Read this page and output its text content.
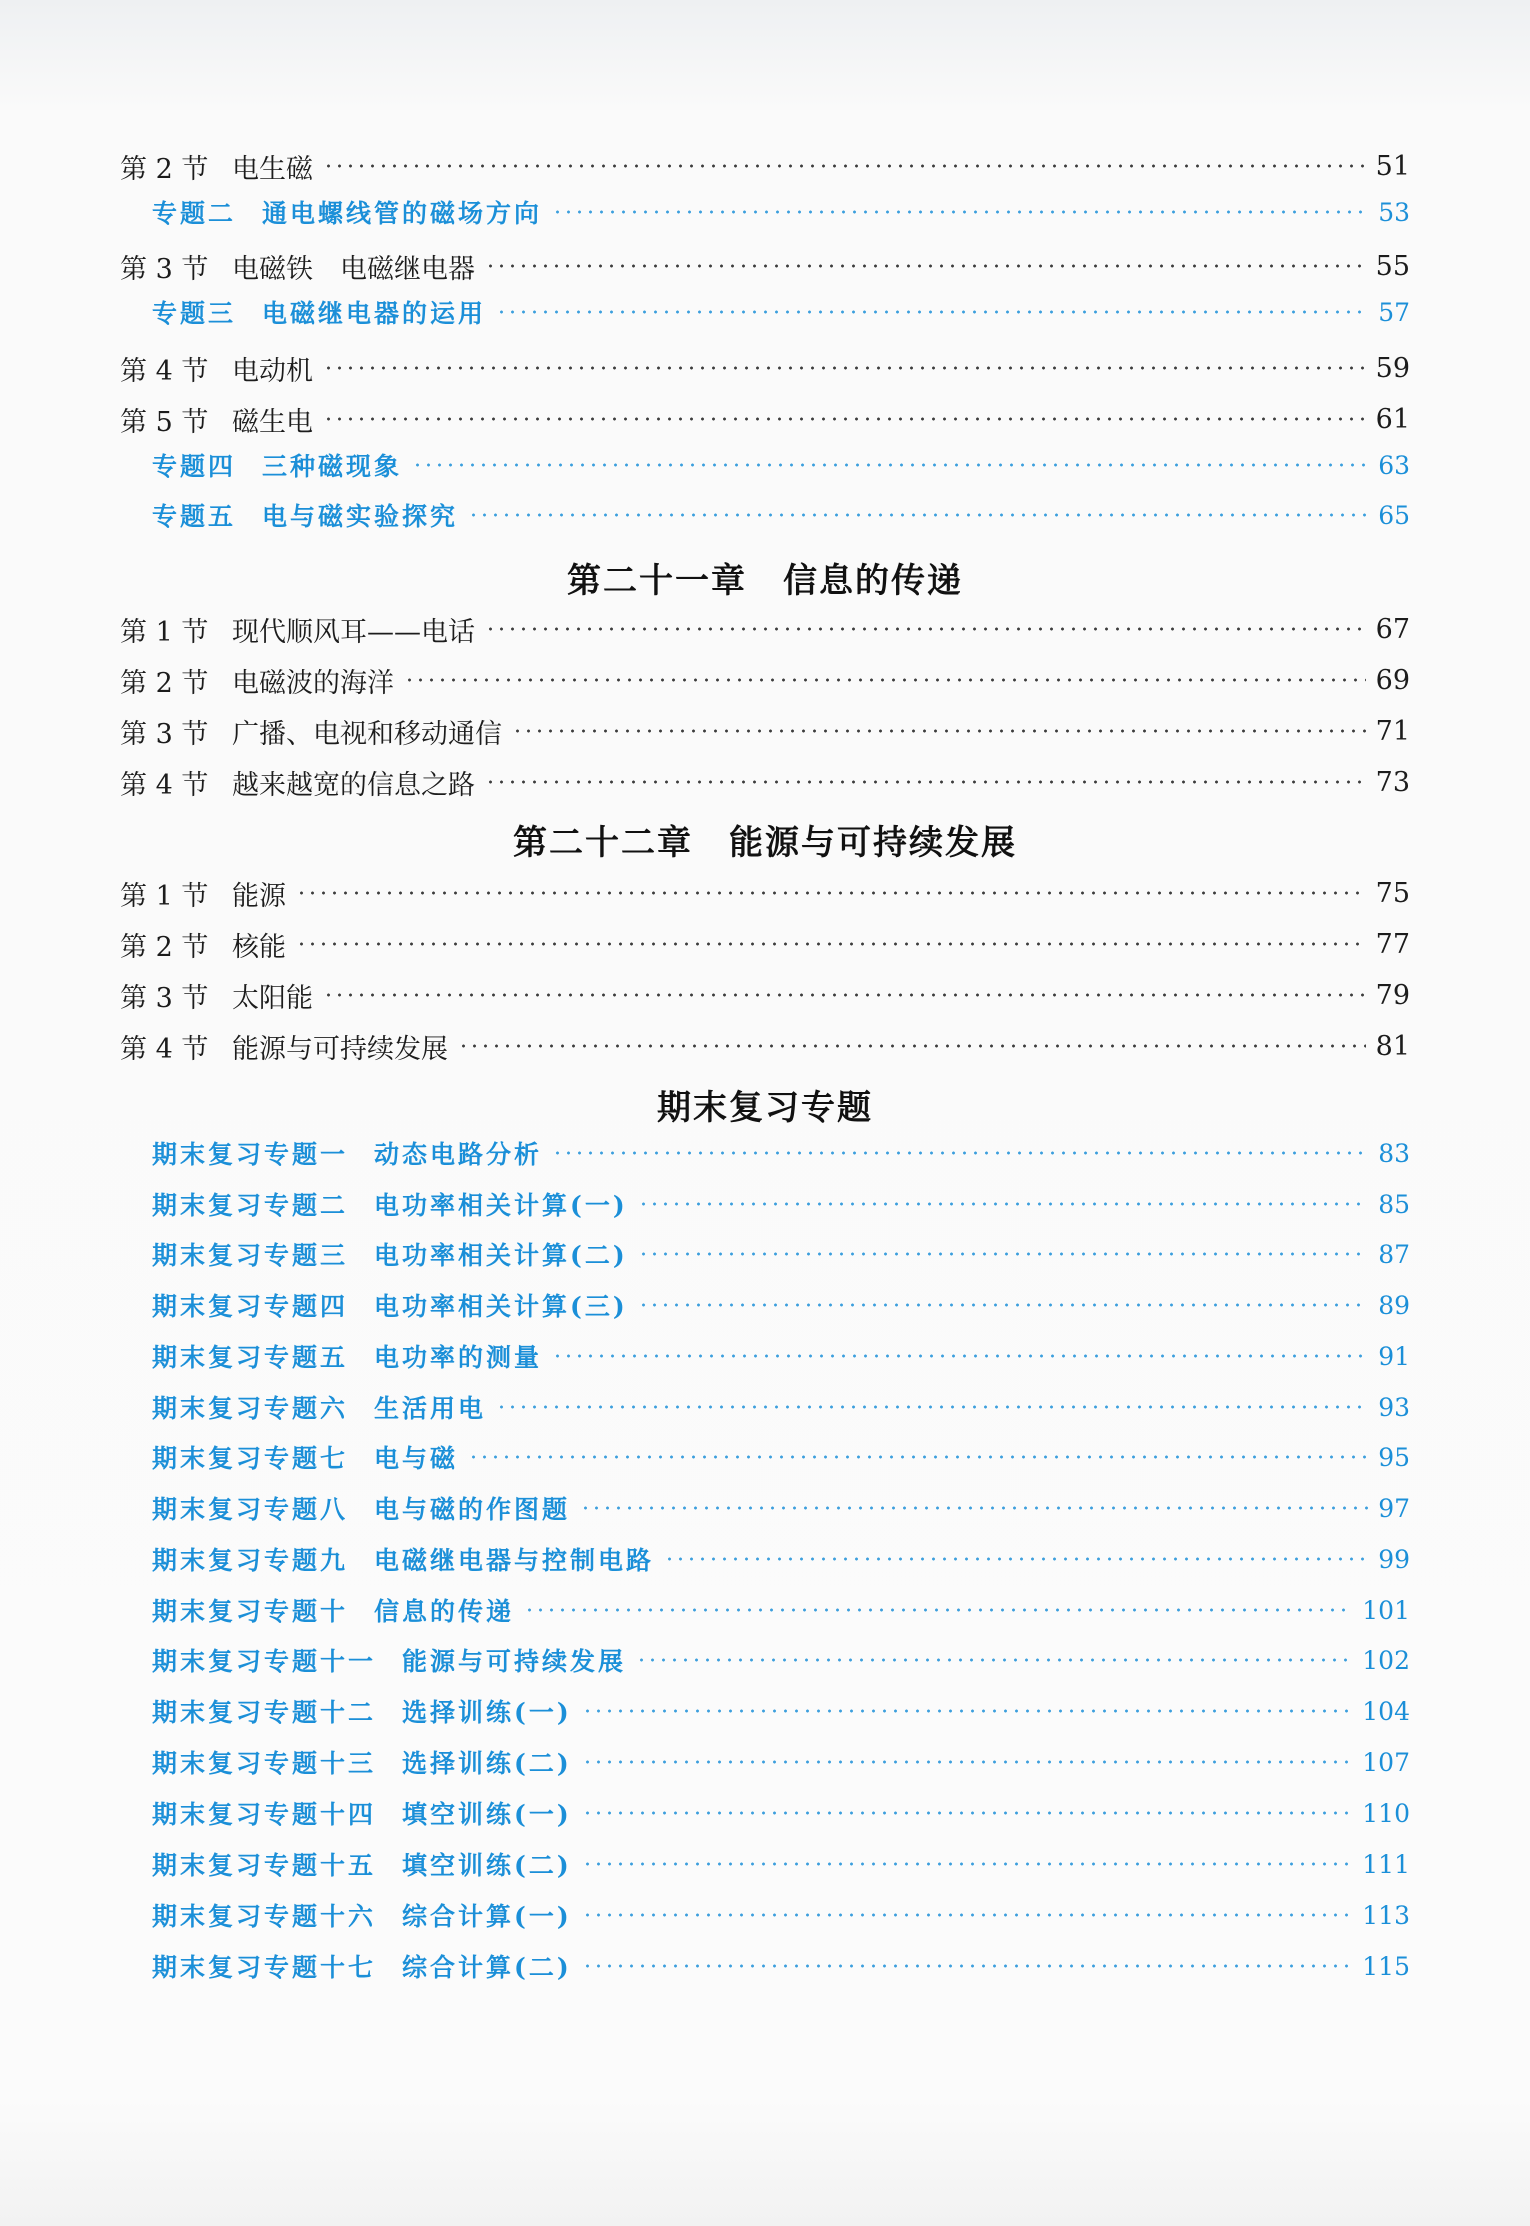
第 2 节 电生磁	51
专题二 通电螺线管的磁场方向	53
第 3 节 电磁铁　电磁继电器	55
专题三 电磁继电器的运用	57
第 4 节 电动机	59
第 5 节 磁生电	61
专题四 三种磁现象	63
专题五 电与磁实验探究	65
第二十一章 信息的传递
第 1 节 现代顺风耳——电话	67
第 2 节 电磁波的海洋	69
第 3 节 广播、电视和移动通信	71
第 4 节 越来越宽的信息之路	73
第二十二章 能源与可持续发展
第 1 节 能源	75
第 2 节 核能	77
第 3 节 太阳能	79
第 4 节 能源与可持续发展	81
期末复习专题
期末复习专题一 动态电路分析	83
期末复习专题二 电功率相关计算(一)	85
期末复习专题三 电功率相关计算(二)	87
期末复习专题四 电功率相关计算(三)	89
期末复习专题五 电功率的测量	91
期末复习专题六 生活用电	93
期末复习专题七 电与磁	95
期末复习专题八 电与磁的作图题	97
期末复习专题九 电磁继电器与控制电路	99
期末复习专题十 信息的传递	101
期末复习专题十一 能源与可持续发展	102
期末复习专题十二 选择训练(一)	104
期末复习专题十三 选择训练(二)	107
期末复习专题十四 填空训练(一)	110
期末复习专题十五 填空训练(二)	111
期末复习专题十六 综合计算(一)	113
期末复习专题十七 综合计算(二)	115
